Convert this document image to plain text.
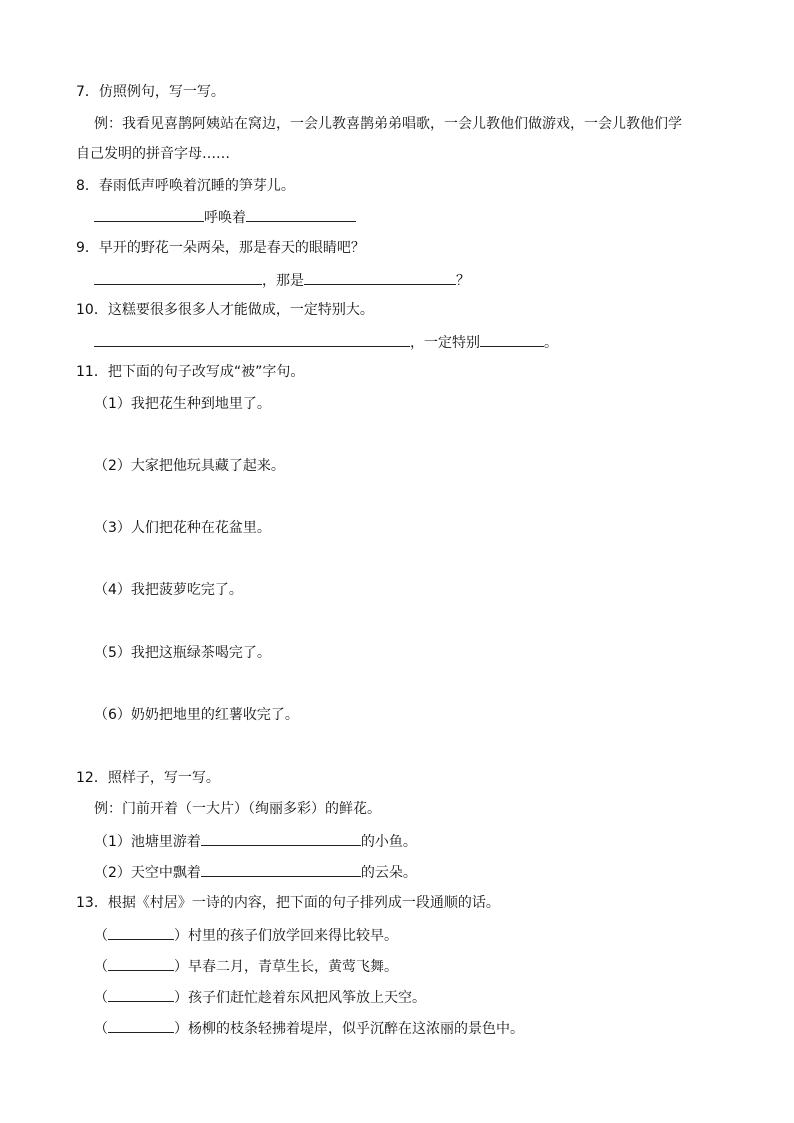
7．仿照例句，写一写。
例：我看见喜鹊阿姨站在窝边，一会儿教喜鹊弟弟唱歌，一会儿教他们做游戏，一会儿教他们学
自己发明的拼音字母……
8．春雨低声呼唤着沉睡的笋芽儿。
呼唤着
9．早开的野花一朵两朵，那是春天的眼睛吧？
，那是	？
10．这糕要很多很多人才能做成，一定特别大。
，一定特别	。
11．把下面的句子改写成“被”字句。
（1）我把花生种到地里了。
（2）大家把他玩具藏了起来。
（3）人们把花种在花盆里。
（4）我把菠萝吃完了。
（5）我把这瓶绿茶喝完了。
（6）奶奶把地里的红薯收完了。
12．照样子，写一写。
例：门前开着（一大片）（绚丽多彩）的鲜花。
（1）池塘里游着	的小鱼。
（2）天空中飘着	的云朵。
13．根据《村居》一诗的内容，把下面的句子排列成一段通顺的话。
（	）村里的孩子们放学回来得比较早。
（	）早春二月，青草生长，黄莺飞舞。
（	）孩子们赶忙趁着东风把风筝放上天空。
（	）杨柳的枝条轻拂着堤岸，似乎沉醉在这浓丽的景色中。
